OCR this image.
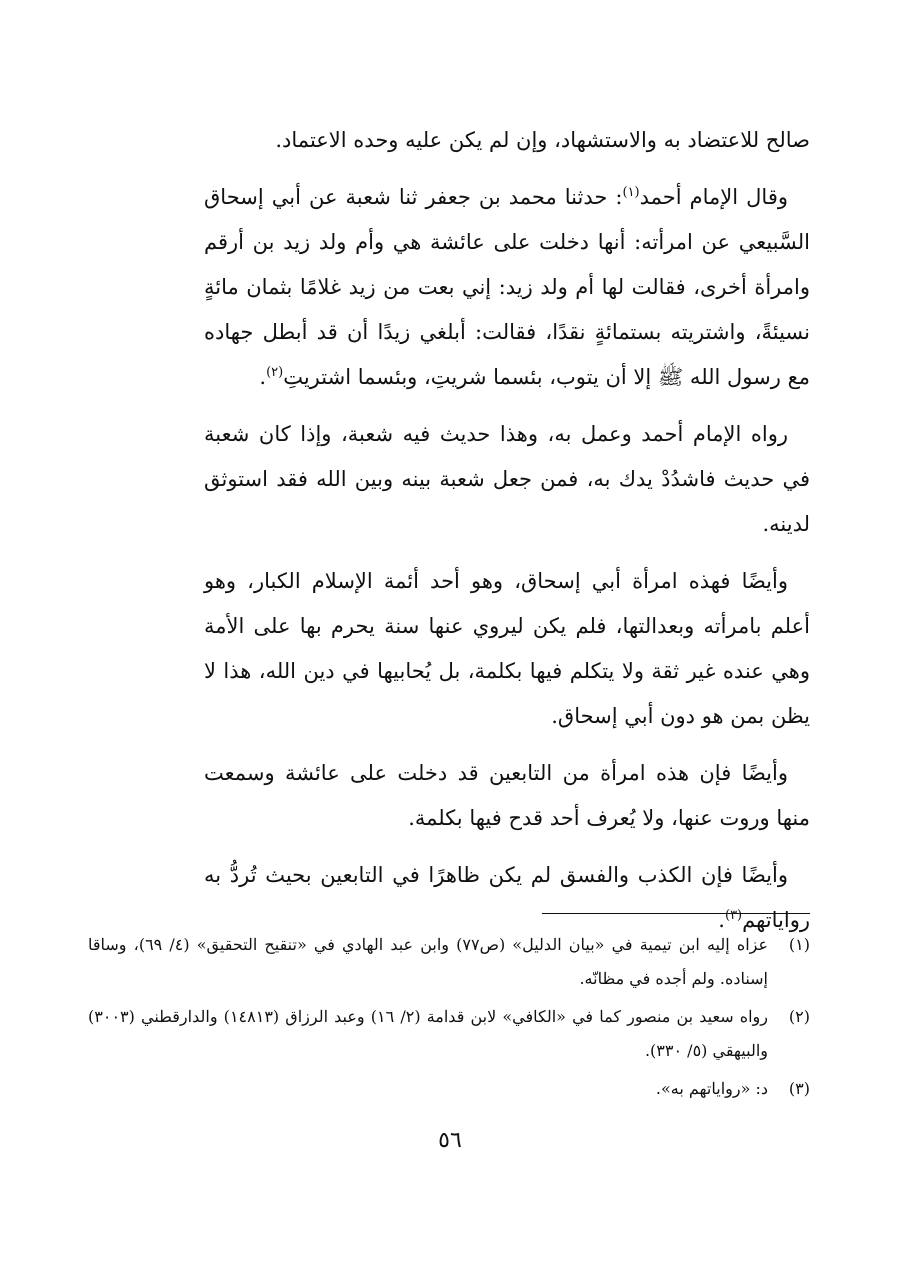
صالح للاعتضاد به والاستشهاد، وإن لم يكن عليه وحده الاعتماد.

وقال الإمام أحمد$^{(١)}$: حدثنا محمد بن جعفر ثنا شعبة عن أبي إسحاق السَّبيعي عن امرأته: أنها دخلت على عائشة هي وأم ولد زيد بن أرقم وامرأة أخرى، فقالت لها أم ولد زيد: إني بعت من زيد غلامًا بثمان مائةٍ نسيئةً، واشتريته بستمائةٍ نقدًا، فقالت: أبلغي زيدًا أن قد أبطل جهاده مع رسول الله ﷺ إلا أن يتوب، بئسما شريتِ، وبئسما اشتريتِ$^{(٢)}$.

رواه الإمام أحمد وعمل به، وهذا حديث فيه شعبة، وإذا كان شعبة في حديث فاشدُدْ يدك به، فمن جعل شعبة بينه وبين الله فقد استوثق لدينه.

وأيضًا فهذه امرأة أبي إسحاق، وهو أحد أئمة الإسلام الكبار، وهو أعلم بامرأته وبعدالتها، فلم يكن ليروي عنها سنة يحرم بها على الأمة وهي عنده غير ثقة ولا يتكلم فيها بكلمة، بل يُحابيها في دين الله، هذا لا يظن بمن هو دون أبي إسحاق.

وأيضًا فإن هذه امرأة من التابعين قد دخلت على عائشة وسمعت منها وروت عنها، ولا يُعرف أحد قدح فيها بكلمة.

وأيضًا فإن الكذب والفسق لم يكن ظاهرًا في التابعين بحيث تُردُّ به رواياتهم$^{(٣)}$.

(١)
عزاه إليه ابن تيمية في «بيان الدليل» (ص٧٧) وابن عبد الهادي في «تنقيح التحقيق» (٤/ ٦٩)، وساقا إسناده. ولم أجده في مظانّه.
(٢)
رواه سعيد بن منصور كما في «الكافي» لابن قدامة (٢/ ١٦) وعبد الرزاق (١٤٨١٣) والدارقطني (٣٠٠٣) والبيهقي (٥/ ٣٣٠).
(٣)
د: «رواياتهم به».
٥٦
